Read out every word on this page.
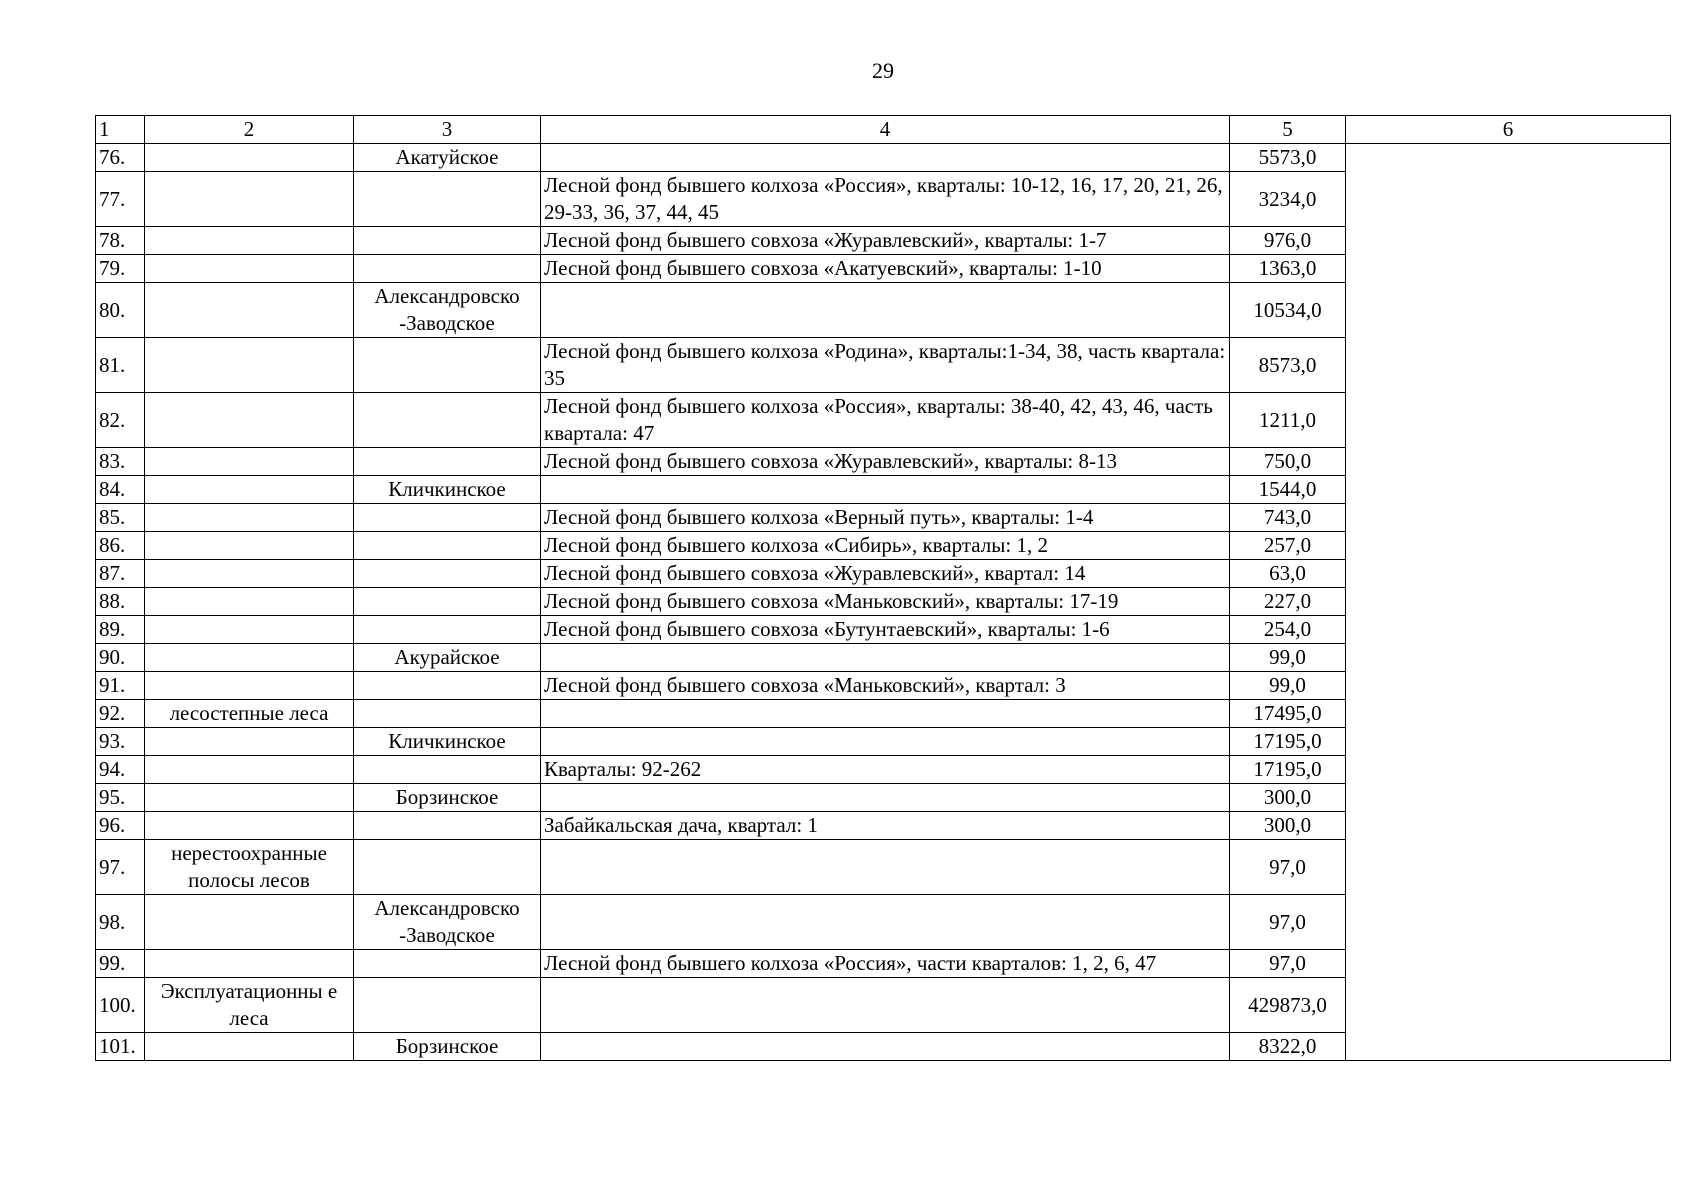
29
1	2	3	4	5	6
76.		Акатуйское		5573,0	
77.			Лесной фонд бывшего колхоза «Россия», кварталы: 10-12, 16, 17, 20, 21, 26, 29-33, 36, 37, 44, 45	3234,0	
78.			Лесной фонд бывшего совхоза «Журавлевский», кварталы: 1-7	976,0	
79.			Лесной фонд бывшего совхоза «Акатуевский», кварталы: 1-10	1363,0	
80.		Александровско -Заводское		10534,0	
81.			Лесной фонд бывшего колхоза «Родина», кварталы:1-34, 38, часть квартала: 35	8573,0	
82.			Лесной фонд бывшего колхоза «Россия», кварталы: 38-40, 42, 43, 46, часть квартала: 47	1211,0	
83.			Лесной фонд бывшего совхоза «Журавлевский», кварталы: 8-13	750,0	
84.		Кличкинское		1544,0	
85.			Лесной фонд бывшего колхоза «Верный путь», кварталы: 1-4	743,0	
86.			Лесной фонд бывшего колхоза «Сибирь», кварталы: 1, 2	257,0	
87.			Лесной фонд бывшего совхоза «Журавлевский», квартал: 14	63,0	
88.			Лесной фонд бывшего совхоза «Маньковский», кварталы: 17-19	227,0	
89.			Лесной фонд бывшего совхоза «Бутунтаевский», кварталы: 1-6	254,0	
90.		Акурайское		99,0	
91.			Лесной фонд бывшего совхоза «Маньковский», квартал: 3	99,0	
92.	лесостепные леса			17495,0	
93.		Кличкинское		17195,0	
94.			Кварталы: 92-262	17195,0	
95.		Борзинское		300,0	
96.			Забайкальская дача, квартал: 1	300,0	
97.	нерестоохранные полосы лесов			97,0	
98.		Александровско -Заводское		97,0	
99.			Лесной фонд бывшего колхоза «Россия», части кварталов: 1, 2, 6, 47	97,0	
100.	Эксплуатационны е леса			429873,0	
101.		Борзинское		8322,0	
